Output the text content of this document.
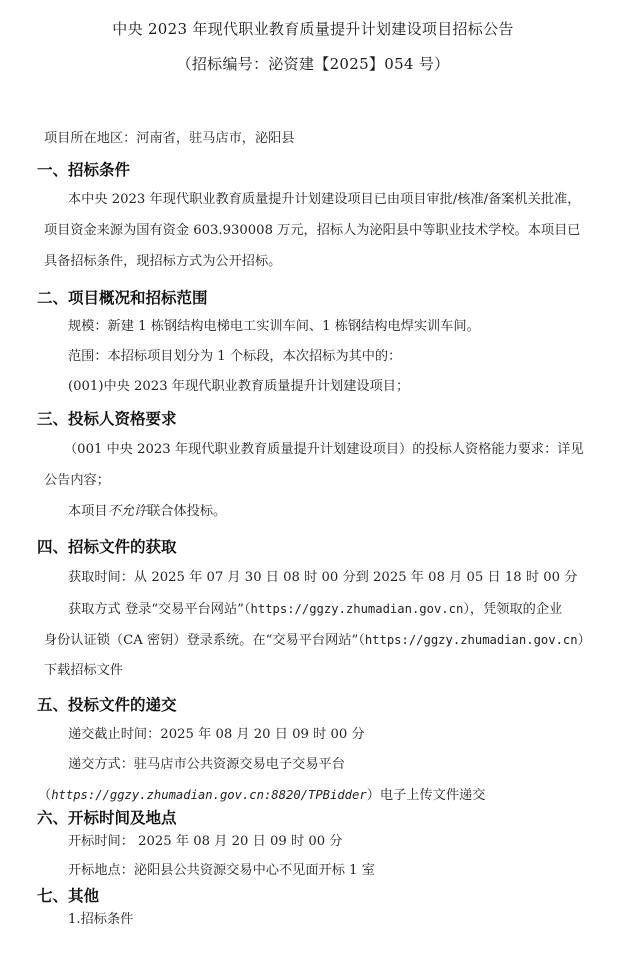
中央 2023 年现代职业教育质量提升计划建设项目招标公告
（招标编号：泌资建【2025】054 号）
项目所在地区：河南省，驻马店市，泌阳县
一、招标条件
本中央 2023 年现代职业教育质量提升计划建设项目已由项目审批/核准/备案机关批准，
项目资金来源为国有资金 603.930008 万元，招标人为泌阳县中等职业技术学校。本项目已
具备招标条件，现招标方式为公开招标。
二、项目概况和招标范围
规模：新建 1 栋钢结构电梯电工实训车间、1 栋钢结构电焊实训车间。
范围：本招标项目划分为 1 个标段，本次招标为其中的：
(001)中央 2023 年现代职业教育质量提升计划建设项目；
三、投标人资格要求
（001 中央 2023 年现代职业教育质量提升计划建设项目）的投标人资格能力要求：详见
公告内容；
本项目不允许联合体投标。
四、招标文件的获取
获取时间：从 2025 年 07 月 30 日 08 时 00 分到 2025 年 08 月 05 日 18 时 00 分
获取方式 登录“交易平台网站”（https://ggzy.zhumadian.gov.cn），凭领取的企业
身份认证锁（CA 密钥）登录系统。在“交易平台网站”（https://ggzy.zhumadian.gov.cn）
下载招标文件
五、投标文件的递交
递交截止时间：2025 年 08 月 20 日 09 时 00 分
递交方式：驻马店市公共资源交易电子交易平台
（https://ggzy.zhumadian.gov.cn:8820/TPBidder）电子上传文件递交
六、开标时间及地点
开标时间： 2025 年 08 月 20 日 09 时 00 分
开标地点：泌阳县公共资源交易中心不见面开标 1 室
七、其他
1.招标条件
